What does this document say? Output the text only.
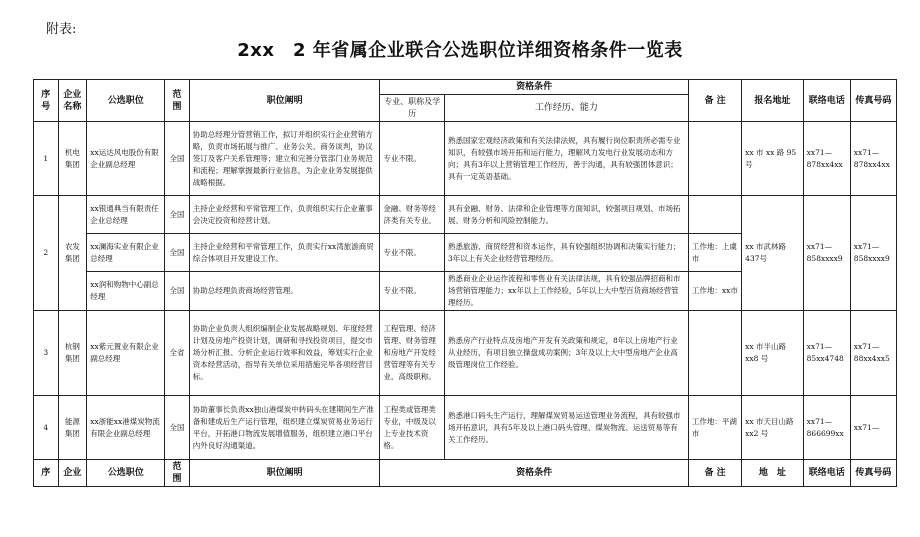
附表:
2xx　2 年省属企业联合公选职位详细资格条件一览表
序号	企业名称	公选职位	范围	职位阐明	资格条件		备 注	报名地址	联络电话	传真号码
					专业、职称及学历	工作经历、能力				
1	机电集团	xx运达风电股份有限企业副总经理	全国	协助总经理分管营销工作，拟订并组织实行企业营销方略，负责市场拓展与推广、业务公关、商务谈判，协议签订及客户关系管理等；建立和完善分管部门业务规范和流程；理解掌握最新行业信息，为企业业务发展提供战略根据。	专业不限。	熟悉国家宏观经济政策和有关法律法规，具有履行岗位职责所必需专业知识，有较强市场开拓和运行能力，理解风力发电行业发展动态和方向；具有3年以上营销管理工作经历，善于沟通，具有较强团体意识；具有一定英语基础。		xx 市 xx 路 95 号	xx71—878xx4xx	xx71—878xx4xx
2	农发集团	xx银通典当有限责任企业总经理	全国	主持企业经营和平常管理工作，负责组织实行企业董事会决定投资和经营计划。	金融、财务等经济类有关专业。	具有金融、财务、法律和企业管理等方面知识，较强项目规划、市场拓展、财务分析和风险控制能力。		xx 市武林路437号	xx71—858xxxx9	xx71—858xxxx9
		xx澜海实业有限企业总经理	全国	主持企业经营和平常管理工作，负责实行xx湾旅游商贸综合体项目开发建设工作。	专业不限。	熟悉旅游、商贸经营和资本运作，具有较强组织协调和决策实行能力；3年以上有关企业经营管理经历。	工作地：上虞市			
		xx润和购物中心副总经理	全国	协助总经理负责商场经营管理。	专业不限。	熟悉商业企业运作流程和零售业有关法律法规，具有较强品牌招商和市场营销管理能力；xx年以上工作经验，5年以上大中型百货商场经营管理经历。	工作地：xx市			
3	杭钢集团	xx紫元置业有限企业副总经理	全省	协助企业负责人组织编制企业发展战略规划、年度经营计划及房地产投资计划，调研和寻找投资项目，提交市场分析汇报、分析企业运行效率和效益，筹划实行企业资本经营活动，指导有关单位采用措施完毕各项经营目标。	工程管理、经济管理、财务管理和房地产开发经营管理等有关专业，高级职称。	熟悉房产行业特点及房地产开发有关政策和规定，8年以上房地产行业从业经历，有项目独立操盘成功案例；3年及以上大中型房地产企业高级管理岗位工作经验。		xx 市半山路 xx8 号	xx71—85xx4748	xx71—88xx4xx5
4	能源集团	xx浙能xx港煤炭物流有限企业副总经理	全国	协助董事长负责xx独山港煤炭中转码头在建期间生产准备和建成后生产运行管理，组织建立煤炭贸易业务运行平台，开拓港口物流发展增值服务，组织建立港口平台内外良好沟通渠道。	工程类或管理类专业，中级及以上专业技术资格。	熟悉港口码头生产运行，理解煤炭贸易运送管理业务流程，具有较强市场开拓意识，具有5年及以上港口码头管理、煤炭物流、运送贸易等有关工作经历。	工作地：平湖市	xx 市天目山路 xx2 号	xx71—866699xx	xx71—
序	企业	公选职位	范围	职位阐明	资格条件		备 注	地　址	联络电话	传真号码
